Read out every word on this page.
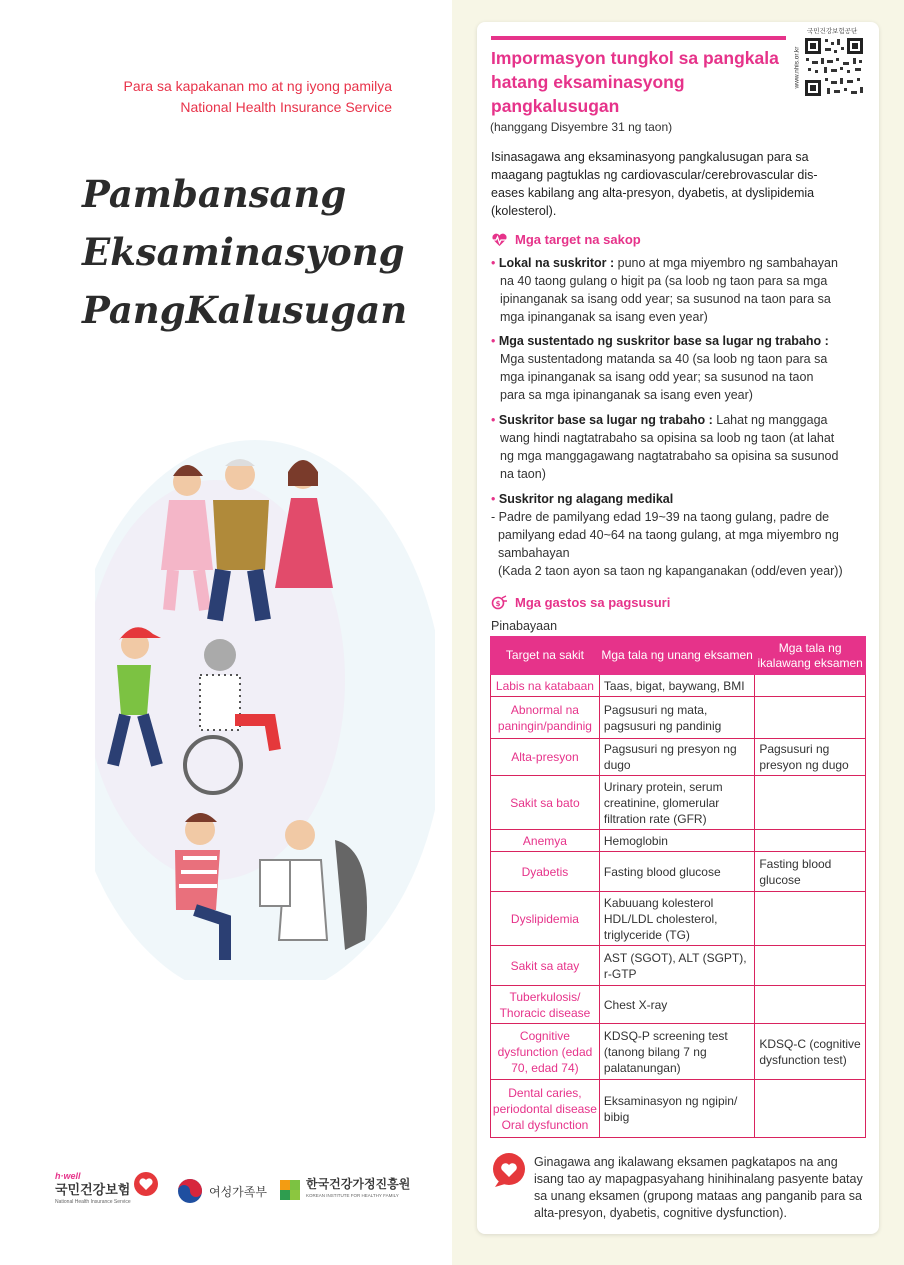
Para sa kapakanan mo at ng iyong pamilya
National Health Insurance Service
Pambansang
Eksaminasyong
PangKalusugan
h·well
국민건강보험
National Health Insurance Service
여성가족부
한국건강가정진흥원
KOREAN INSTITUTE FOR HEALTHY FAMILY
국민건강보험공단
www.nhis.or.kr
Impormasyon tungkol sa pangkala
hatang eksaminasyong
pangkalusugan
(hanggang Disyembre 31 ng taon)
Isinasagawa ang eksaminasyong pangkalusugan para sa
maagang pagtuklas ng cardiovascular/cerebrovascular dis-
eases kabilang ang alta-presyon, dyabetis, at dyslipidemia
(kolesterol).
Mga target na sakop
• Lokal na suskritor : puno at mga miyembro ng sambahayan
na 40 taong gulang o higit pa (sa loob ng taon para sa mga
ipinanganak sa isang odd year; sa susunod na taon para sa
mga ipinanganak sa isang even year)
• Mga sustentado ng suskritor base sa lugar ng trabaho :
Mga sustentadong matanda sa 40 (sa loob ng taon para sa
mga ipinanganak sa isang odd year; sa susunod na taon
para sa mga ipinanganak sa isang even year)
• Suskritor base sa lugar ng trabaho : Lahat ng manggaga
wang hindi nagtatrabaho sa opisina sa loob ng taon (at lahat
ng mga manggagawang nagtatrabaho sa opisina sa susunod
na taon)
• Suskritor ng alagang medikal
- Padre de pamilyang edad 19~39 na taong gulang, padre de
pamilyang edad 40~64 na taong gulang, at mga miyembro ng
sambahayan
(Kada 2 taon ayon sa taon ng kapanganakan (odd/even year))
$ Mga gastos sa pagsusuri
Pinabayaan
Target na sakit	Mga tala ng unang eksamen	Mga tala ng ikalawang eksamen
Labis na katabaan	Taas, bigat, baywang, BMI	
Abnormal na paningin/pandinig	Pagsusuri ng mata, pagsusuri ng pandinig	
Alta-presyon	Pagsusuri ng presyon ng dugo	Pagsusuri ng presyon ng dugo
Sakit sa bato	Urinary protein, serum creatinine, glomerular filtration rate (GFR)	
Anemya	Hemoglobin	
Dyabetis	Fasting blood glucose	Fasting blood glucose
Dyslipidemia	Kabuuang kolesterol HDL/LDL cholesterol, triglyceride (TG)	
Sakit sa atay	AST (SGOT), ALT (SGPT), r-GTP	
Tuberkulosis/ Thoracic disease	Chest X-ray	
Cognitive dysfunction (edad 70, edad 74)	KDSQ-P screening test (tanong bilang 7 ng palatanungan)	KDSQ-C (cognitive dysfunction test)
Dental caries, periodontal disease Oral dysfunction	Eksaminasyon ng ngipin/ bibig	
Ginagawa ang ikalawang eksamen pagkatapos na ang isang tao ay mapagpasyahang hinihinalang pasyente batay sa unang eksamen (grupong mataas ang panganib para sa alta-presyon, dyabetis, cognitive dysfunction).
